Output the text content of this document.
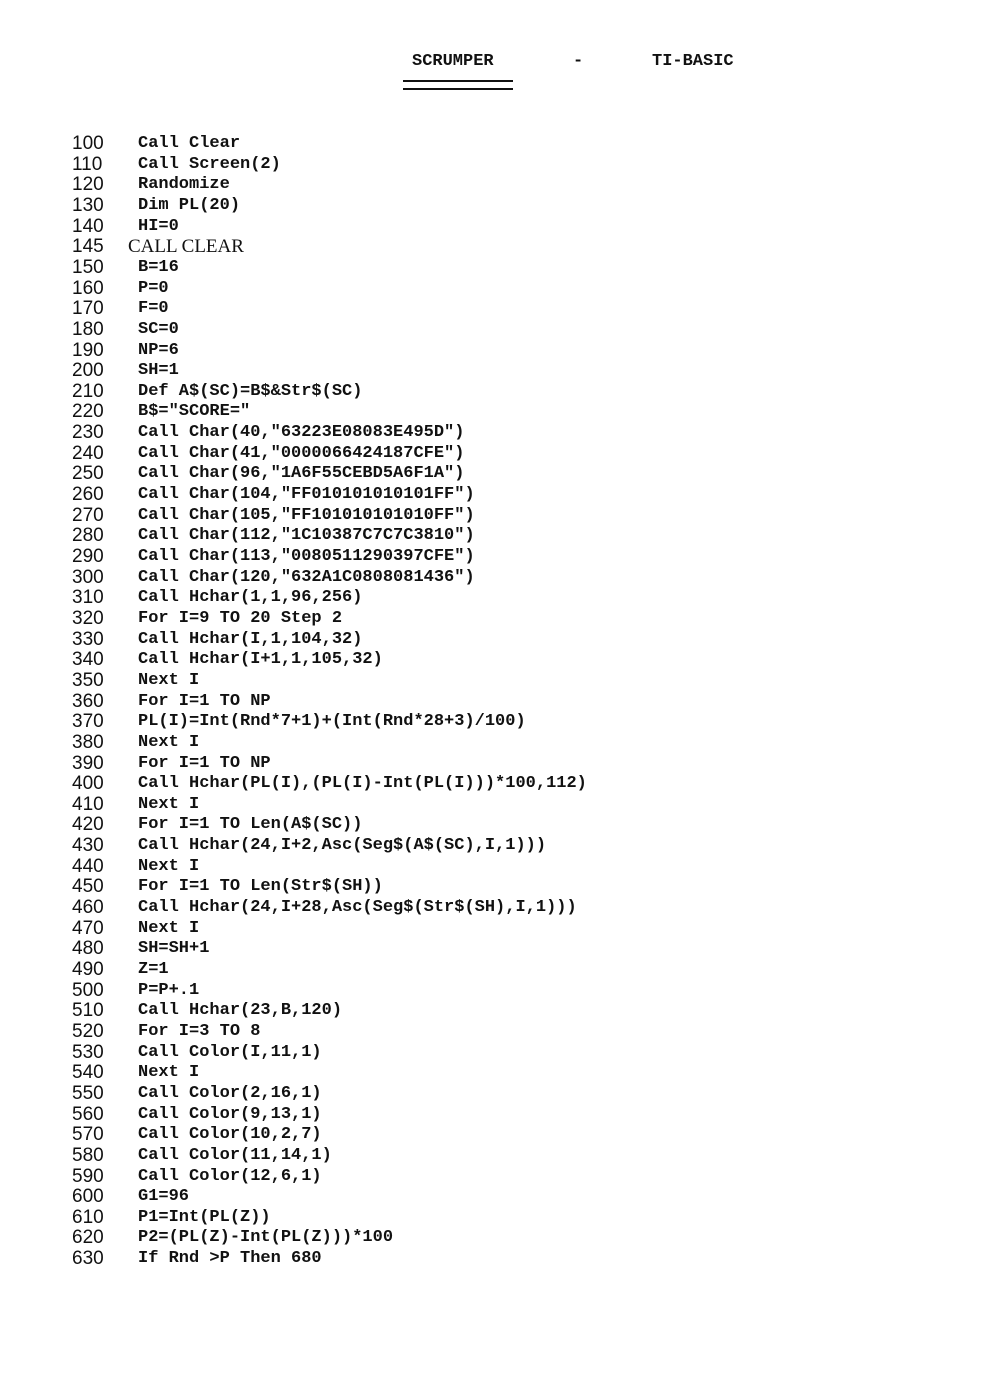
SCRUMPER	-	TI-BASIC
100 Call Clear
110 Call Screen(2)
120 Randomize
130 Dim PL(20)
140 HI=0
145 CALL CLEAR
150 B=16
160 P=0
170 F=0
180 SC=0
190 NP=6
200 SH=1
210 Def A$(SC)=B$&Str$(SC)
220 B$="SCORE="
230 Call Char(40,"63223E08083E495D")
240 Call Char(41,"0000066424187CFE")
250 Call Char(96,"1A6F55CEBD5A6F1A")
260 Call Char(104,"FF010101010101FF")
270 Call Char(105,"FF101010101010FF")
280 Call Char(112,"1C10387C7C7C3810")
290 Call Char(113,"0080511290397CFE")
300 Call Char(120,"632A1C0808081436")
310 Call Hchar(1,1,96,256)
320 For I=9 TO 20 Step 2
330 Call Hchar(I,1,104,32)
340 Call Hchar(I+1,1,105,32)
350 Next I
360 For I=1 TO NP
370 PL(I)=Int(Rnd*7+1)+(Int(Rnd*28+3)/100)
380 Next I
390 For I=1 TO NP
400 Call Hchar(PL(I),(PL(I)-Int(PL(I)))*100,112)
410 Next I
420 For I=1 TO Len(A$(SC))
430 Call Hchar(24,I+2,Asc(Seg$(A$(SC),I,1)))
440 Next I
450 For I=1 TO Len(Str$(SH))
460 Call Hchar(24,I+28,Asc(Seg$(Str$(SH),I,1)))
470 Next I
480 SH=SH+1
490 Z=1
500 P=P+.1
510 Call Hchar(23,B,120)
520 For I=3 TO 8
530 Call Color(I,11,1)
540 Next I
550 Call Color(2,16,1)
560 Call Color(9,13,1)
570 Call Color(10,2,7)
580 Call Color(11,14,1)
590 Call Color(12,6,1)
600 G1=96
610 P1=Int(PL(Z))
620 P2=(PL(Z)-Int(PL(Z)))*100
630 If Rnd >P Then 680
